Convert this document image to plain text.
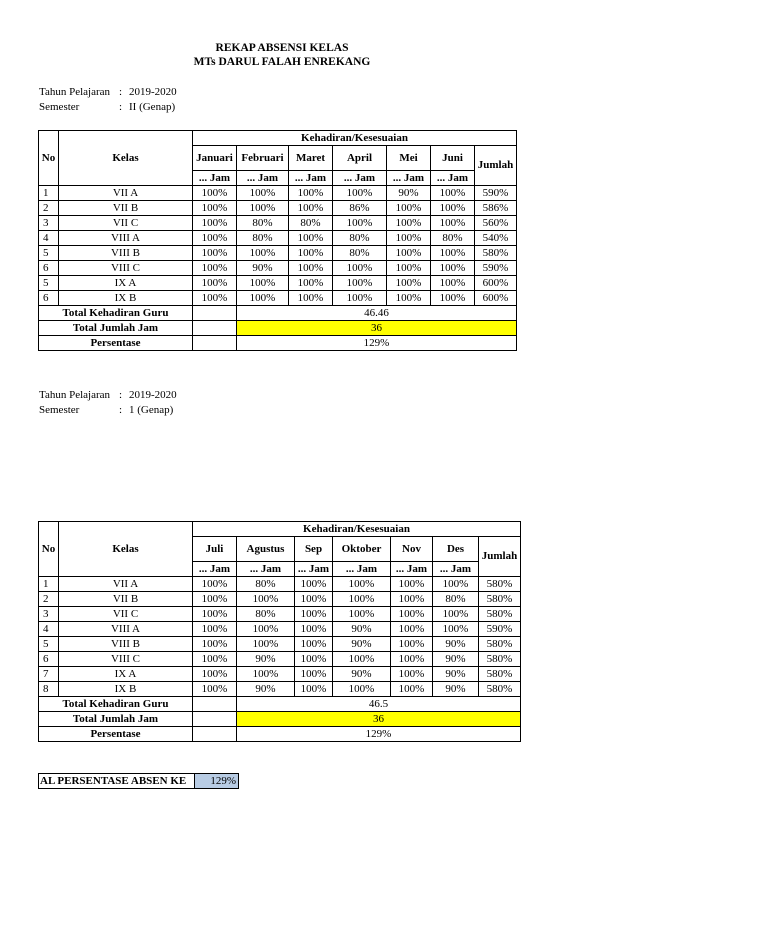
REKAP ABSENSI KELAS
MTs DARUL FALAH ENREKANG
Tahun Pelajaran : 2019-2020
Semester	: II (Genap)
No	Kelas	Kehadiran/Kesesuaian						
		Januari	Februari	Maret	April	Mei	Juni	Jumlah
		... Jam	... Jam	... Jam	... Jam	... Jam	... Jam	
1	VII A	100%	100%	100%	100%	90%	100%	590%
2	VII B	100%	100%	100%	86%	100%	100%	586%
3	VII C	100%	80%	80%	100%	100%	100%	560%
4	VIII A	100%	80%	100%	80%	100%	80%	540%
5	VIII B	100%	100%	100%	80%	100%	100%	580%
6	VIII C	100%	90%	100%	100%	100%	100%	590%
5	IX A	100%	100%	100%	100%	100%	100%	600%
6	IX B	100%	100%	100%	100%	100%	100%	600%
Total Kehadiran Guru			46.46					
Total Jumlah Jam			36					
Persentase			129%					
Tahun Pelajaran : 2019-2020
Semester	: 1 (Genap)
No	Kelas	Kehadiran/Kesesuaian						
		Juli	Agustus	Sep	Oktober	Nov	Des	Jumlah
		... Jam	... Jam	... Jam	... Jam	... Jam	... Jam	
1	VII A	100%	80%	100%	100%	100%	100%	580%
2	VII B	100%	100%	100%	100%	100%	80%	580%
3	VII C	100%	80%	100%	100%	100%	100%	580%
4	VIII A	100%	100%	100%	90%	100%	100%	590%
5	VIII B	100%	100%	100%	90%	100%	90%	580%
6	VIII C	100%	90%	100%	100%	100%	90%	580%
7	IX A	100%	100%	100%	90%	100%	90%	580%
8	IX B	100%	90%	100%	100%	100%	90%	580%
Total Kehadiran Guru			46.5					
Total Jumlah Jam			36					
Persentase			129%					
AL PERSENTASE ABSEN KE	129%
